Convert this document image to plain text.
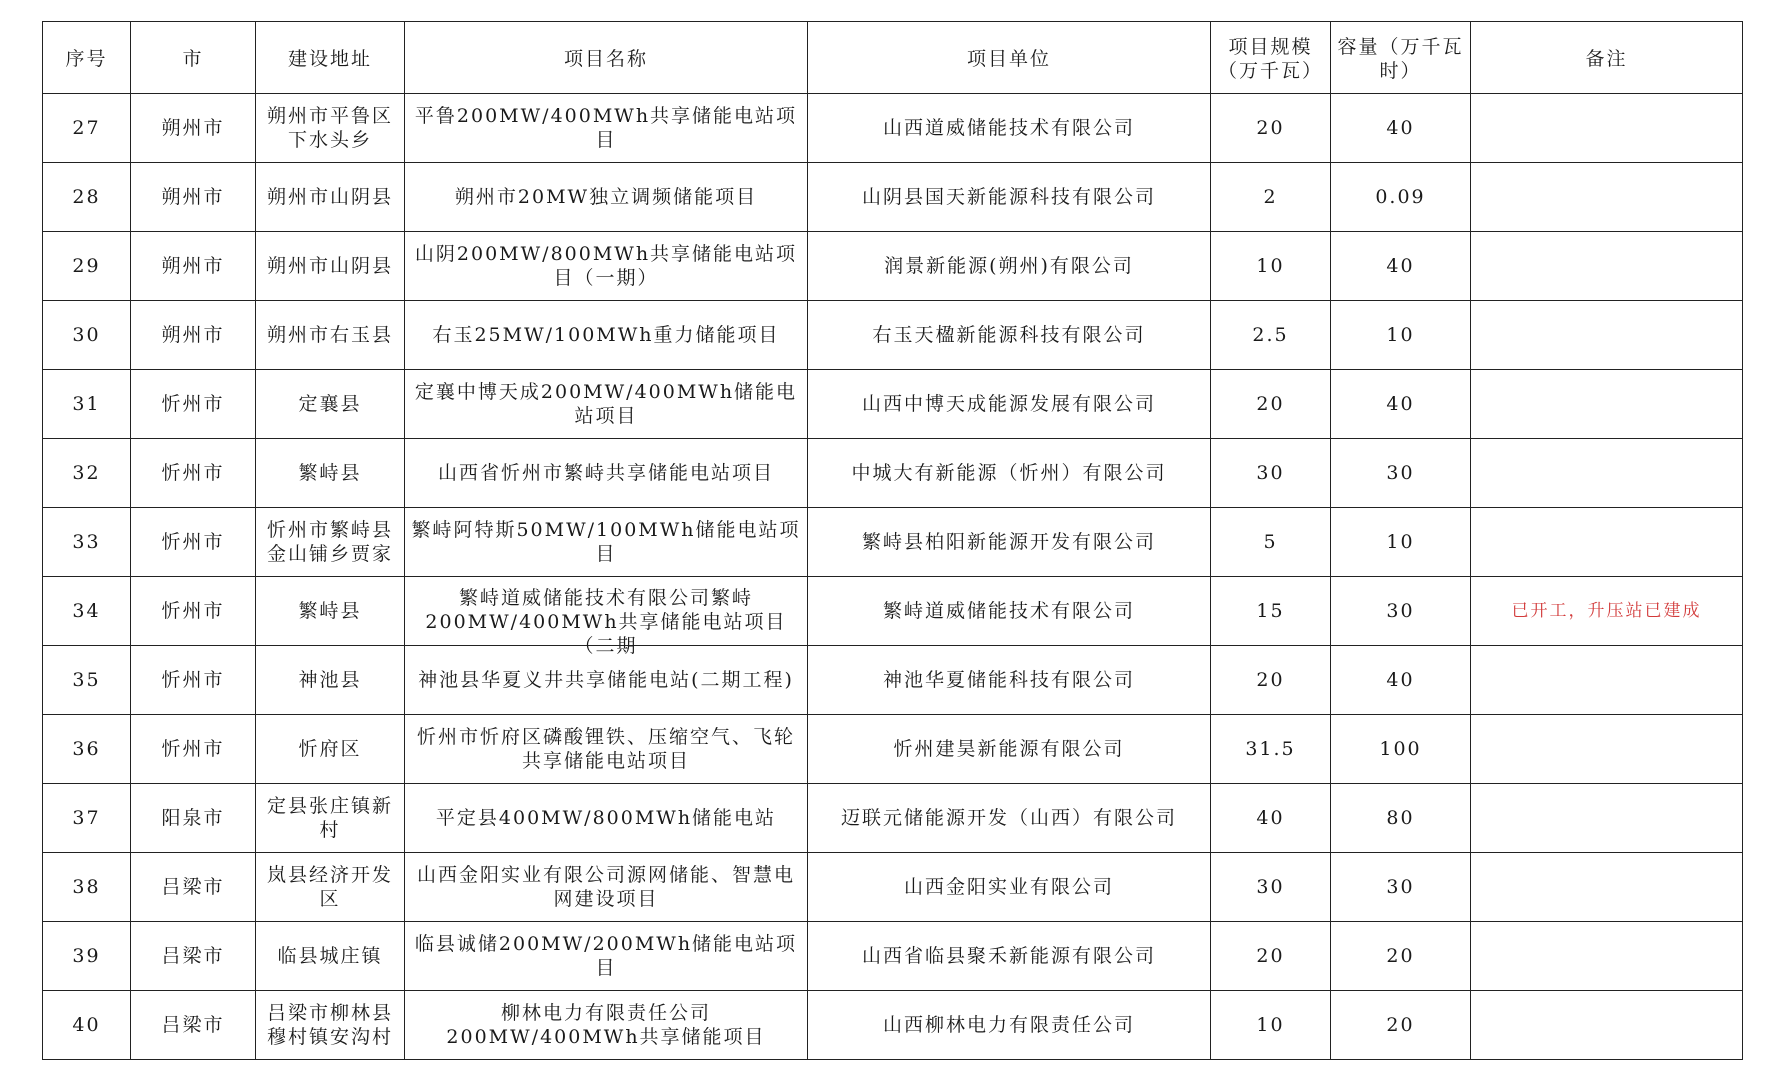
序号	市	建设地址	项目名称	项目单位	项目规模（万千瓦）	容量（万千瓦时）	备注

27	朔州市	朔州市平鲁区下水头乡	平鲁200MW/400MWh共享储能电站项目	山西道威储能技术有限公司	20	40	

28	朔州市	朔州市山阴县	朔州市20MW独立调频储能项目	山阴县国天新能源科技有限公司	2	0.09	

29	朔州市	朔州市山阴县	山阴200MW/800MWh共享储能电站项目（一期）	润景新能源(朔州)有限公司	10	40	

30	朔州市	朔州市右玉县	右玉25MW/100MWh重力储能项目	右玉天楹新能源科技有限公司	2.5	10	

31	忻州市	定襄县	定襄中博天成200MW/400MWh储能电站项目	山西中博天成能源发展有限公司	20	40	

32	忻州市	繁峙县	山西省忻州市繁峙共享储能电站项目	中城大有新能源（忻州）有限公司	30	30	

33	忻州市	忻州市繁峙县金山铺乡贾家	繁峙阿特斯50MW/100MWh储能电站项目	繁峙县柏阳新能源开发有限公司	5	10	

34	忻州市	繁峙县	繁峙道威储能技术有限公司繁峙200MW/400MWh共享储能电站项目（二期	繁峙道威储能技术有限公司	15	30	已开工，升压站已建成

35	忻州市	神池县	神池县华夏义井共享储能电站(二期工程)	神池华夏储能科技有限公司	20	40	

36	忻州市	忻府区	忻州市忻府区磷酸锂铁、压缩空气、飞轮共享储能电站项目	忻州建昊新能源有限公司	31.5	100	

37	阳泉市	定县张庄镇新村	平定县400MW/800MWh储能电站	迈联元储能源开发（山西）有限公司	40	80	

38	吕梁市	岚县经济开发区	山西金阳实业有限公司源网储能、智慧电网建设项目	山西金阳实业有限公司	30	30	

39	吕梁市	临县城庄镇	临县诚储200MW/200MWh储能电站项目	山西省临县聚禾新能源有限公司	20	20	

40	吕梁市	吕梁市柳林县穆村镇安沟村	柳林电力有限责任公司200MW/400MWh共享储能项目	山西柳林电力有限责任公司	10	20	
